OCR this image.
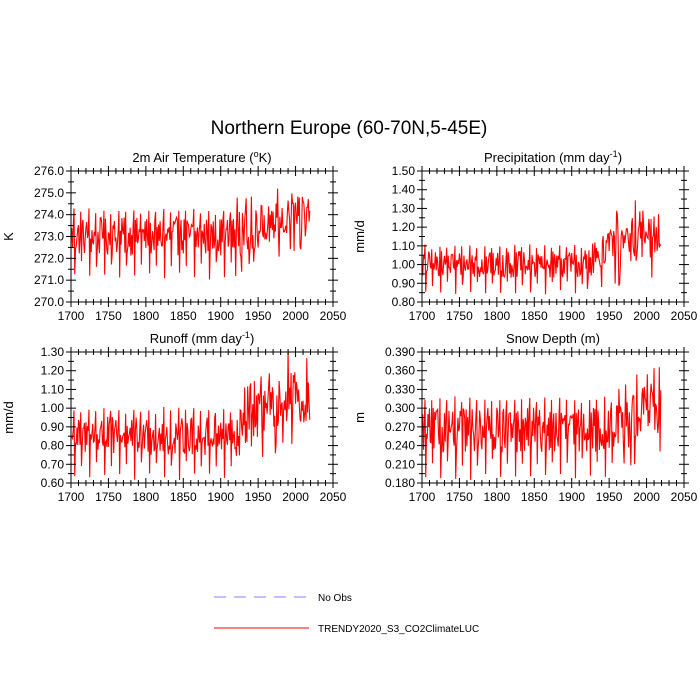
Northern Europe (60-70N,5-45E)
2m Air Temperature ($^o$K)
K
1700 1750 1800 1850 1900 1950 2000 2050
270.0
271.0
272.0
273.0
274.0
275.0
276.0
Precipitation (mm day$^{-1}$)
mm/d
1700 1750 1800 1850 1900 1950 2000 2050
0.80
0.90
1.00
1.10
1.20
1.30
1.40
1.50
Runoff (mm day$^{-1}$)
mm/d
1700 1750 1800 1850 1900 1950 2000 2050
0.60
0.70
0.80
0.90
1.00
1.10
1.20
1.30
Snow Depth (m)
m
1700 1750 1800 1850 1900 1950 2000 2050
0.180
0.210
0.240
0.270
0.300
0.330
0.360
0.390
No Obs
TRENDY2020_S3_CO2ClimateLUC
